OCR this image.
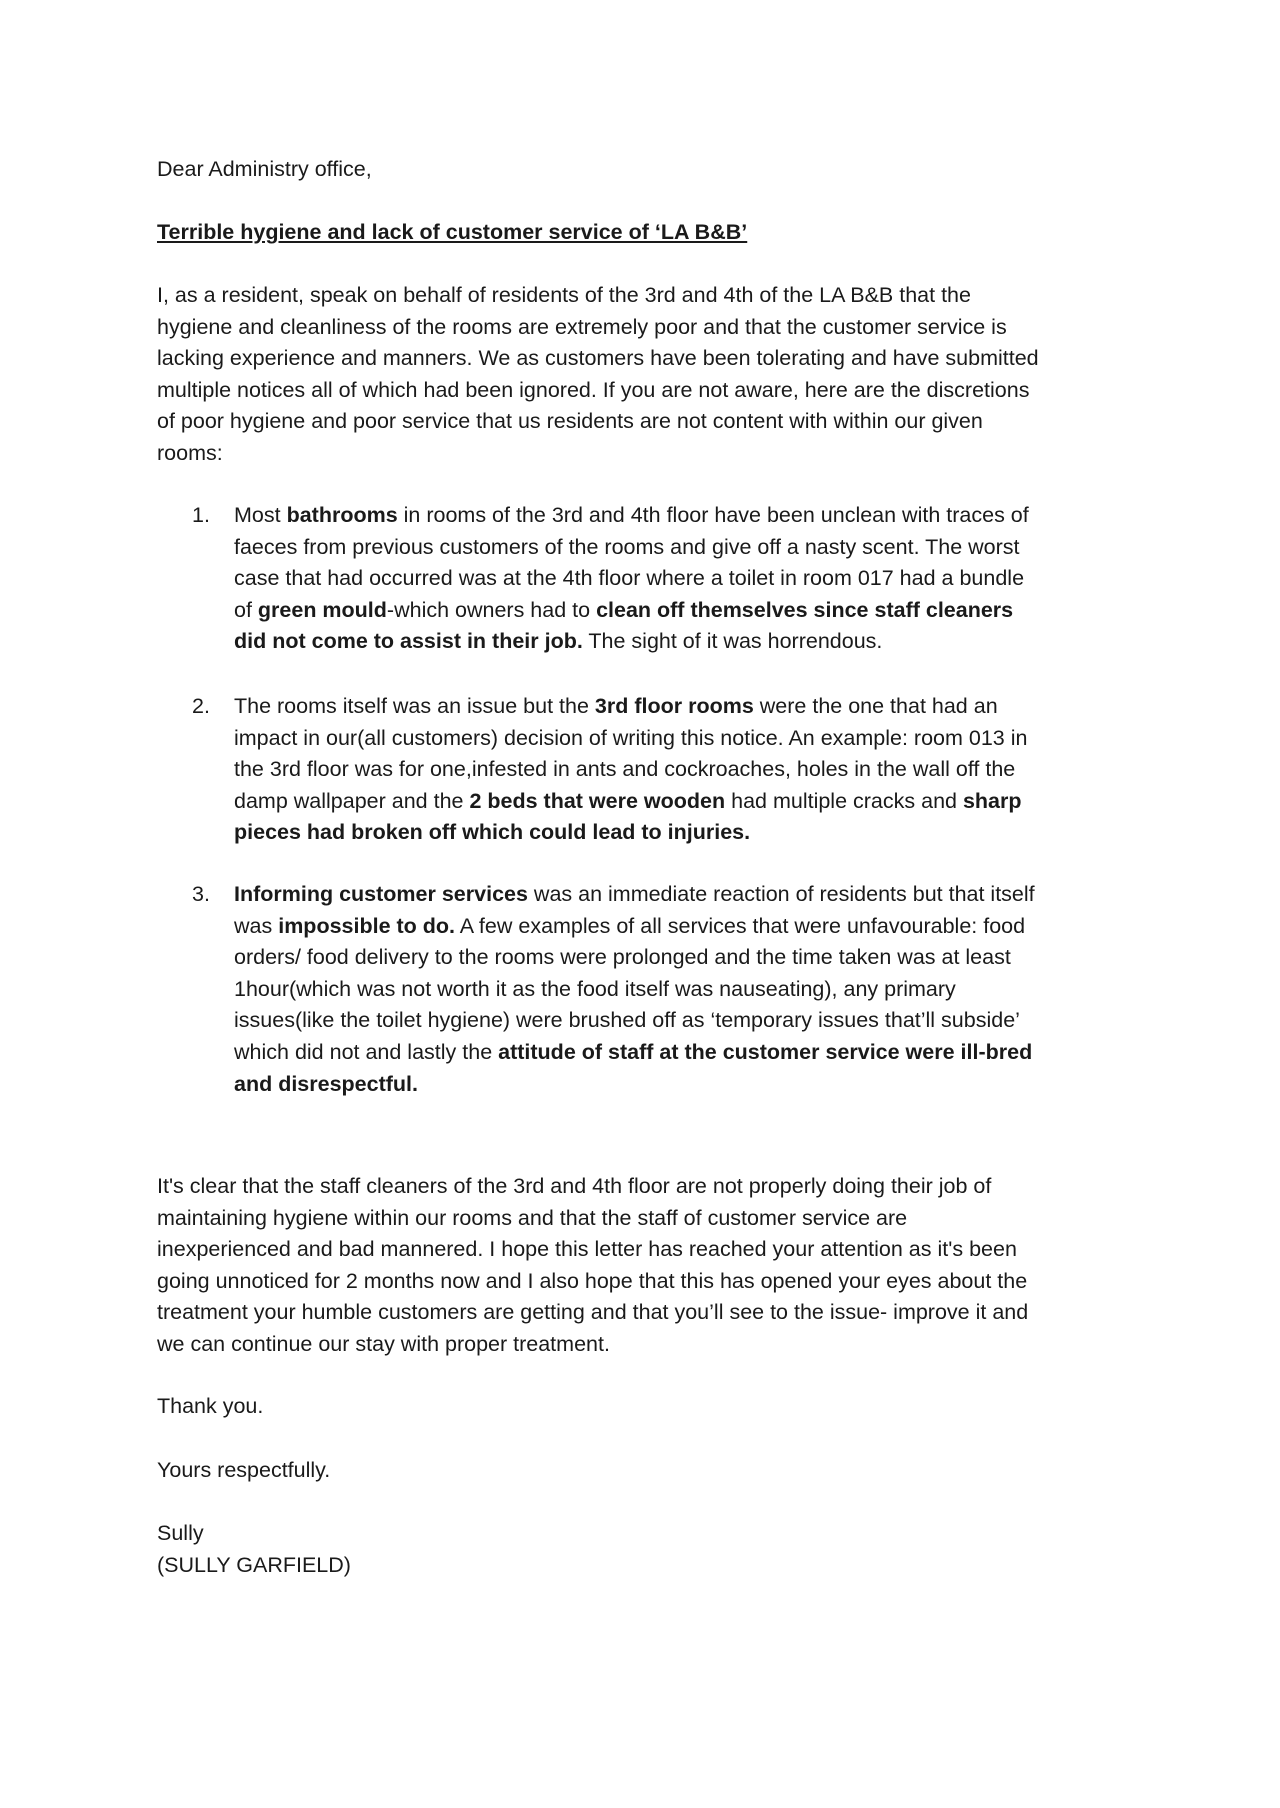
Dear Administry office,
Terrible hygiene and lack of customer service of ‘LA B&B’
I, as a resident, speak on behalf of residents of the 3rd and 4th of the LA B&B that the
hygiene and cleanliness of the rooms are extremely poor and that the customer service is
lacking experience and manners. We as customers have been tolerating and have submitted
multiple notices all of which had been ignored. If you are not aware, here are the discretions
of poor hygiene and poor service that us residents are not content with within our given
rooms:
1. Most bathrooms in rooms of the 3rd and 4th floor have been unclean with traces of
faeces from previous customers of the rooms and give off a nasty scent. The worst
case that had occurred was at the 4th floor where a toilet in room 017 had a bundle
of green mould-which owners had to clean off themselves since staff cleaners
did not come to assist in their job. The sight of it was horrendous.
2. The rooms itself was an issue but the 3rd floor rooms were the one that had an
impact in our(all customers) decision of writing this notice. An example: room 013 in
the 3rd floor was for one,infested in ants and cockroaches, holes in the wall off the
damp wallpaper and the 2 beds that were wooden had multiple cracks and sharp
pieces had broken off which could lead to injuries.
3. Informing customer services was an immediate reaction of residents but that itself
was impossible to do. A few examples of all services that were unfavourable: food
orders/ food delivery to the rooms were prolonged and the time taken was at least
1hour(which was not worth it as the food itself was nauseating), any primary
issues(like the toilet hygiene) were brushed off as ‘temporary issues that’ll subside’
which did not and lastly the attitude of staff at the customer service were ill-bred
and disrespectful.
It's clear that the staff cleaners of the 3rd and 4th floor are not properly doing their job of
maintaining hygiene within our rooms and that the staff of customer service are
inexperienced and bad mannered. I hope this letter has reached your attention as it's been
going unnoticed for 2 months now and I also hope that this has opened your eyes about the
treatment your humble customers are getting and that you’ll see to the issue- improve it and
we can continue our stay with proper treatment.
Thank you.
Yours respectfully.
Sully
(SULLY GARFIELD)
